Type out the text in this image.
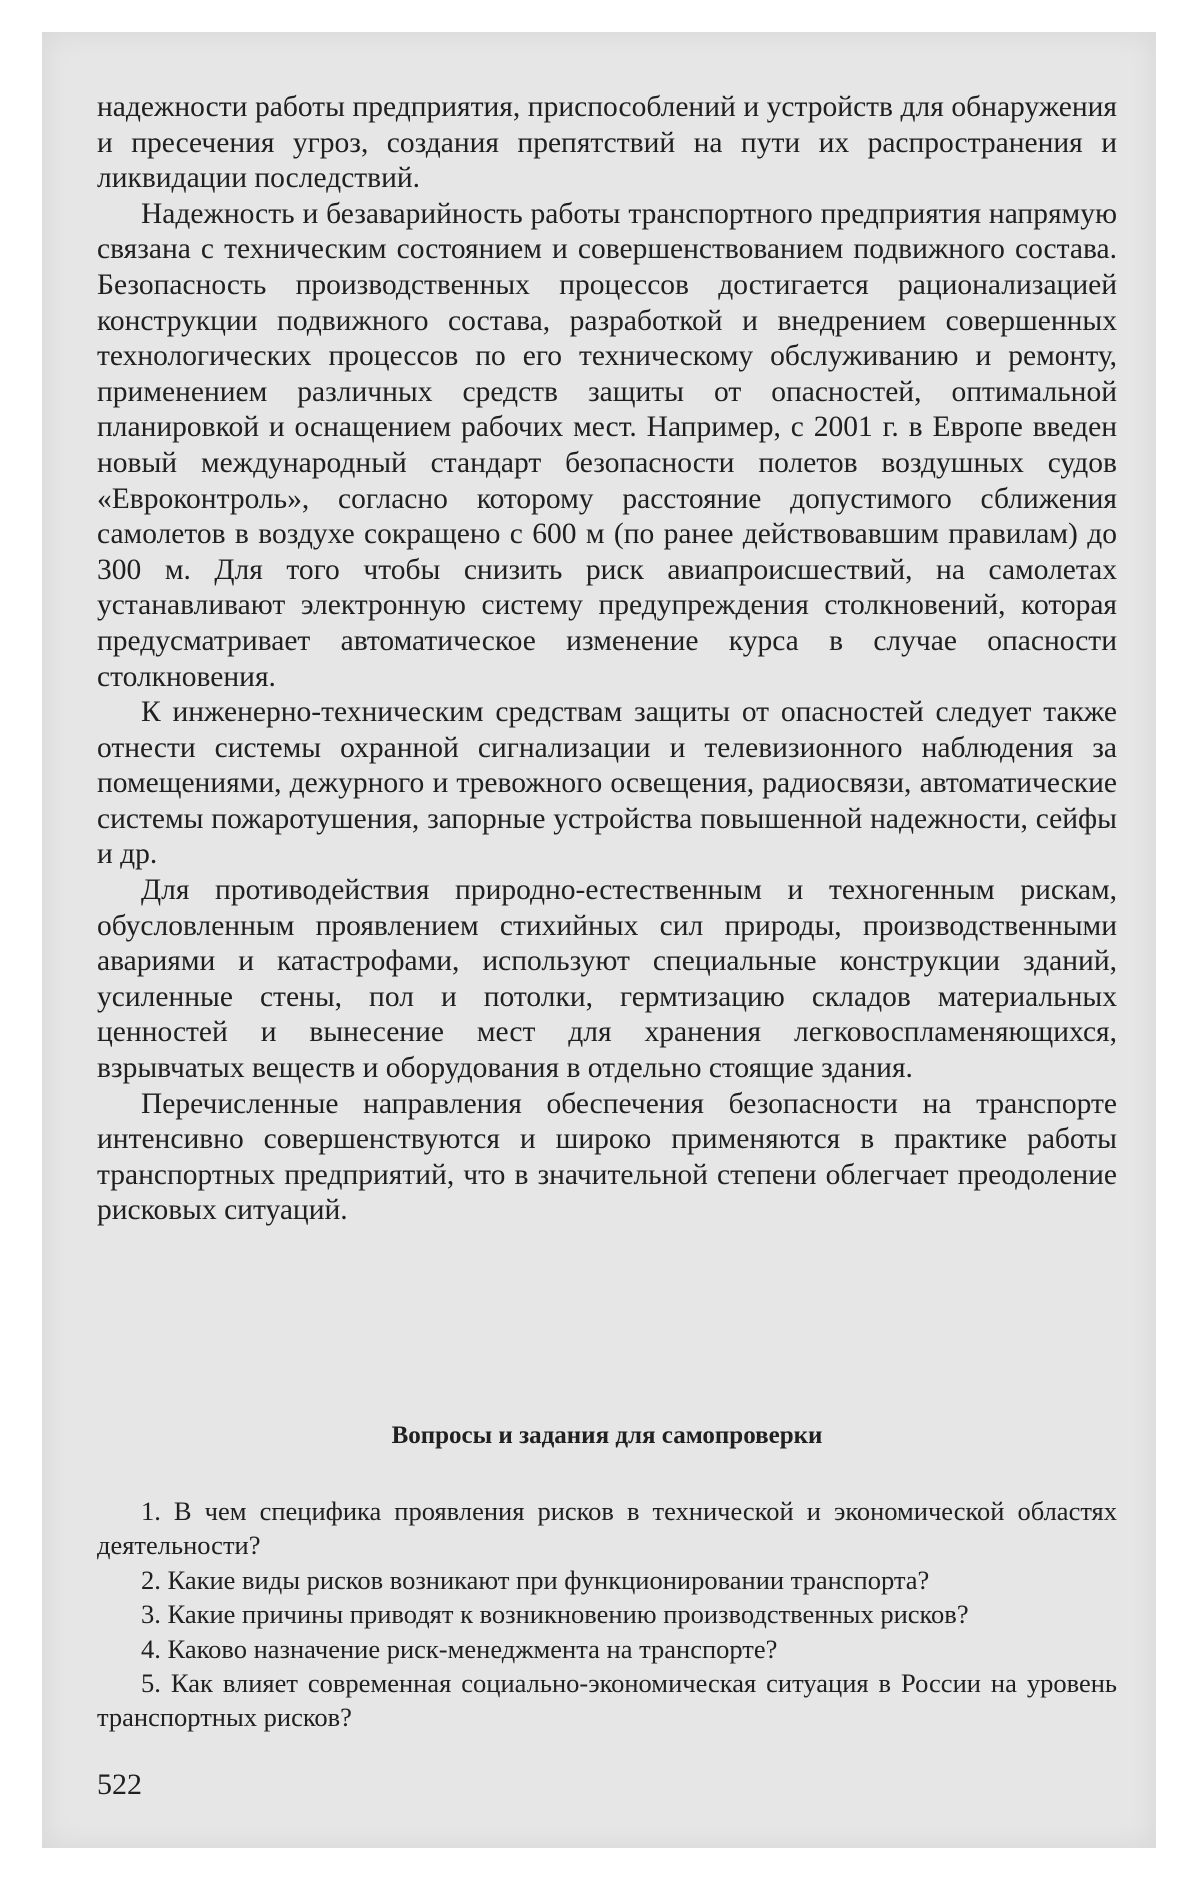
надежности работы предприятия, приспособлений и устройств для обнаружения и пресечения угроз, создания препятствий на пути их распространения и ликвидации последствий.

Надежность и безаварийность работы транспортного предприятия напрямую связана с техническим состоянием и совершенствованием подвижного состава. Безопасность производственных процессов достигается рационализацией конструкции подвижного состава, разработкой и внедрением совершенных технологических процессов по его техническому обслуживанию и ремонту, применением различных средств защиты от опасностей, оптимальной планировкой и оснащением рабочих мест. Например, с 2001 г. в Европе введен новый международный стандарт безопасности полетов воздушных судов «Евроконтроль», согласно которому расстояние допустимого сближения самолетов в воздухе сокращено с 600 м (по ранее действовавшим правилам) до 300 м. Для того чтобы снизить риск авиапроисшествий, на самолетах устанавливают электронную систему предупреждения столкновений, которая предусматривает автоматическое изменение курса в случае опасности столкновения.

К инженерно-техническим средствам защиты от опасностей следует также отнести системы охранной сигнализации и телевизионного наблюдения за помещениями, дежурного и тревожного освещения, радиосвязи, автоматические системы пожаротушения, запорные устройства повышенной надежности, сейфы и др.

Для противодействия природно-естественным и техногенным рискам, обусловленным проявлением стихийных сил природы, производственными авариями и катастрофами, используют специальные конструкции зданий, усиленные стены, пол и потолки, гермтизацию складов материальных ценностей и вынесение мест для хранения легковоспламеняющихся, взрывчатых веществ и оборудования в отдельно стоящие здания.

Перечисленные направления обеспечения безопасности на транспорте интенсивно совершенствуются и широко применяются в практике работы транспортных предприятий, что в значительной степени облегчает преодоление рисковых ситуаций.

Вопросы и задания для самопроверки
1. В чем специфика проявления рисков в технической и экономической областях деятельности?
2. Какие виды рисков возникают при функционировании транспорта?
3. Какие причины приводят к возникновению производственных рисков?
4. Каково назначение риск-менеджмента на транспорте?
5. Как влияет современная социально-экономическая ситуация в России на уровень транспортных рисков?
522
